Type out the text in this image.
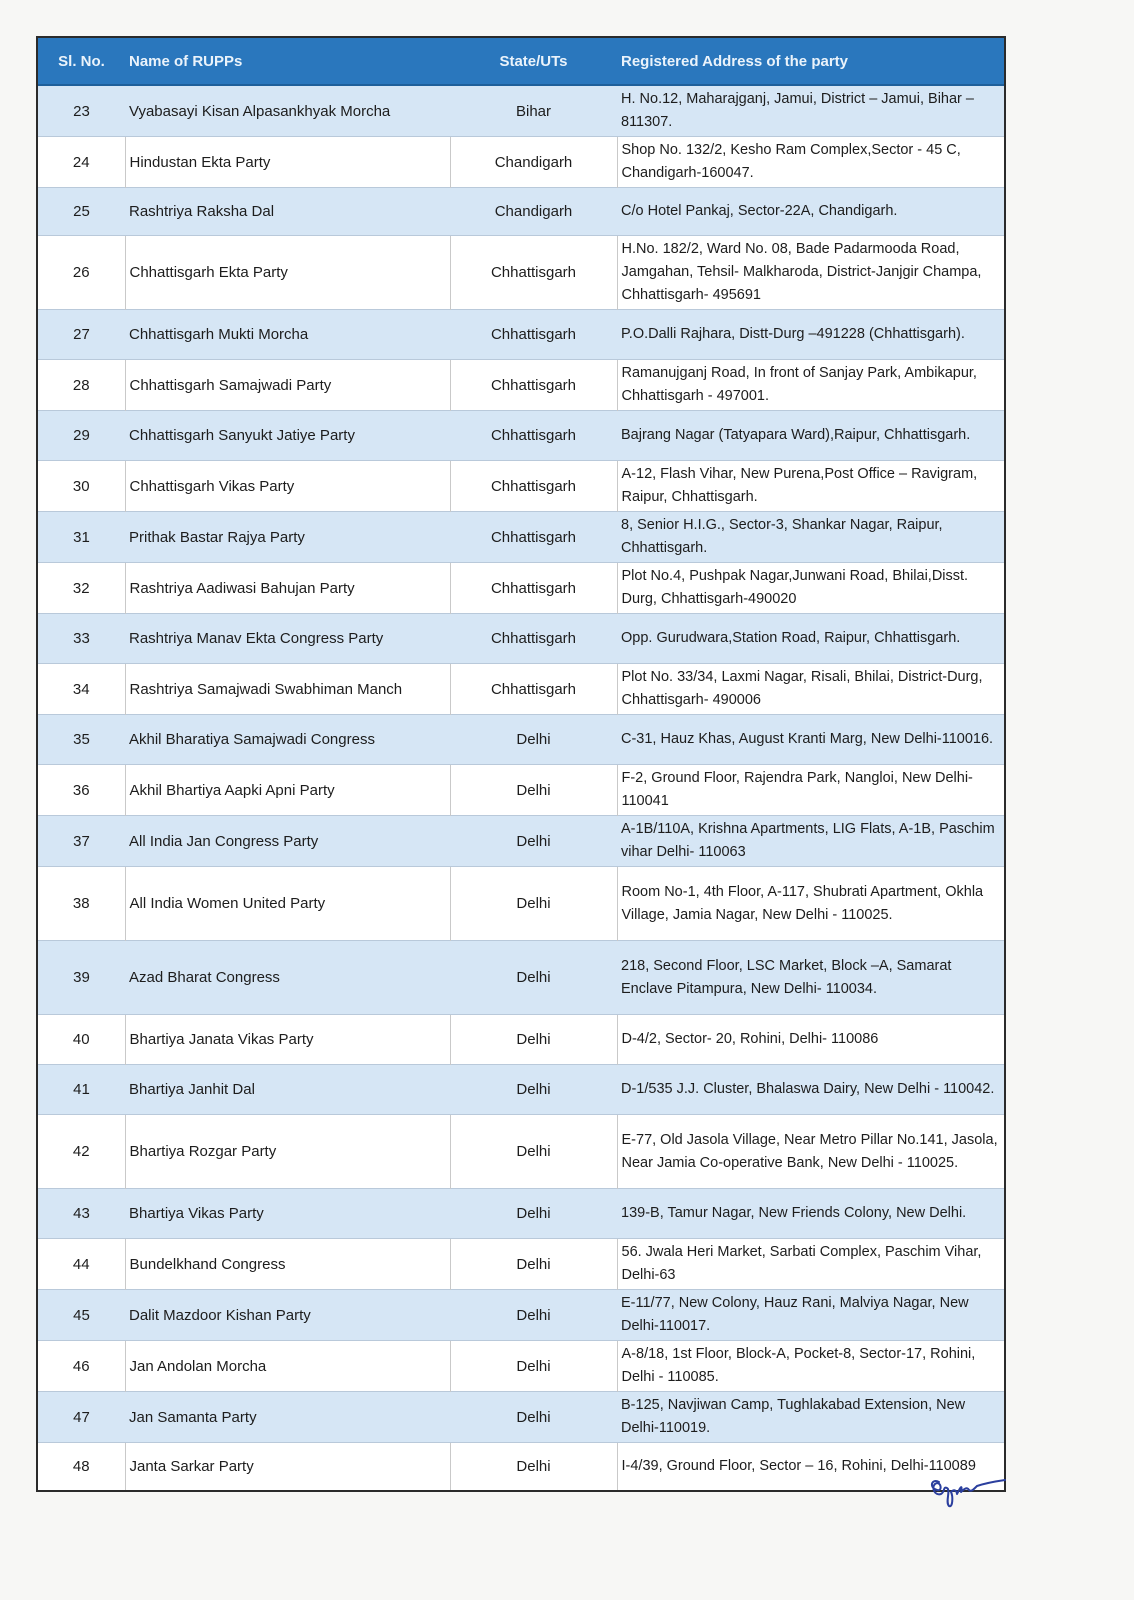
Sl. No.	Name of RUPPs	State/UTs	Registered Address of the party
23	Vyabasayi Kisan Alpasankhyak Morcha	Bihar	H. No.12, Maharajganj, Jamui, District – Jamui, Bihar – 811307.
24	Hindustan Ekta Party	Chandigarh	Shop No. 132/2, Kesho Ram Complex,Sector - 45 C, Chandigarh-160047.
25	Rashtriya Raksha Dal	Chandigarh	C/o Hotel Pankaj, Sector-22A, Chandigarh.
26	Chhattisgarh Ekta Party	Chhattisgarh	H.No. 182/2, Ward No. 08, Bade Padarmooda Road, Jamgahan, Tehsil- Malkharoda, District-Janjgir Champa, Chhattisgarh- 495691
27	Chhattisgarh Mukti Morcha	Chhattisgarh	P.O.Dalli Rajhara, Distt-Durg –491228 (Chhattisgarh).
28	Chhattisgarh Samajwadi Party	Chhattisgarh	Ramanujganj Road, In front of Sanjay Park, Ambikapur, Chhattisgarh - 497001.
29	Chhattisgarh Sanyukt Jatiye Party	Chhattisgarh	Bajrang Nagar (Tatyapara Ward),Raipur, Chhattisgarh.
30	Chhattisgarh Vikas Party	Chhattisgarh	A-12, Flash Vihar, New Purena,Post Office – Ravigram, Raipur, Chhattisgarh.
31	Prithak Bastar Rajya Party	Chhattisgarh	8, Senior H.I.G., Sector-3, Shankar Nagar, Raipur, Chhattisgarh.
32	Rashtriya Aadiwasi Bahujan Party	Chhattisgarh	Plot No.4, Pushpak Nagar,Junwani Road, Bhilai,Disst. Durg, Chhattisgarh-490020
33	Rashtriya Manav Ekta Congress Party	Chhattisgarh	Opp. Gurudwara,Station Road, Raipur, Chhattisgarh.
34	Rashtriya Samajwadi Swabhiman Manch	Chhattisgarh	Plot No. 33/34, Laxmi Nagar, Risali, Bhilai, District-Durg, Chhattisgarh- 490006
35	Akhil Bharatiya Samajwadi Congress	Delhi	C-31, Hauz Khas, August Kranti Marg, New Delhi-110016.
36	Akhil Bhartiya Aapki Apni Party	Delhi	F-2, Ground Floor, Rajendra Park, Nangloi, New Delhi-110041
37	All India Jan Congress Party	Delhi	A-1B/110A, Krishna Apartments, LIG Flats, A-1B, Paschim vihar Delhi- 110063
38	All India Women United Party	Delhi	Room No-1, 4th Floor, A-117, Shubrati Apartment, Okhla Village, Jamia Nagar, New Delhi - 110025.
39	Azad Bharat Congress	Delhi	218, Second Floor, LSC Market, Block –A, Samarat Enclave Pitampura, New Delhi- 110034.
40	Bhartiya Janata Vikas Party	Delhi	D-4/2, Sector- 20, Rohini, Delhi- 110086
41	Bhartiya Janhit Dal	Delhi	D-1/535 J.J. Cluster, Bhalaswa Dairy, New Delhi - 110042.
42	Bhartiya Rozgar Party	Delhi	E-77, Old Jasola Village, Near Metro Pillar No.141, Jasola, Near Jamia Co-operative Bank, New Delhi - 110025.
43	Bhartiya Vikas Party	Delhi	139-B, Tamur Nagar, New Friends Colony, New Delhi.
44	Bundelkhand Congress	Delhi	56. Jwala Heri Market, Sarbati Complex, Paschim Vihar, Delhi-63
45	Dalit Mazdoor Kishan Party	Delhi	E-11/77, New Colony, Hauz Rani, Malviya Nagar, New Delhi-110017.
46	Jan Andolan Morcha	Delhi	A-8/18, 1st Floor, Block-A, Pocket-8, Sector-17, Rohini, Delhi - 110085.
47	Jan Samanta Party	Delhi	B-125, Navjiwan Camp, Tughlakabad Extension, New Delhi-110019.
48	Janta Sarkar Party	Delhi	I-4/39, Ground Floor, Sector – 16, Rohini, Delhi-110089
